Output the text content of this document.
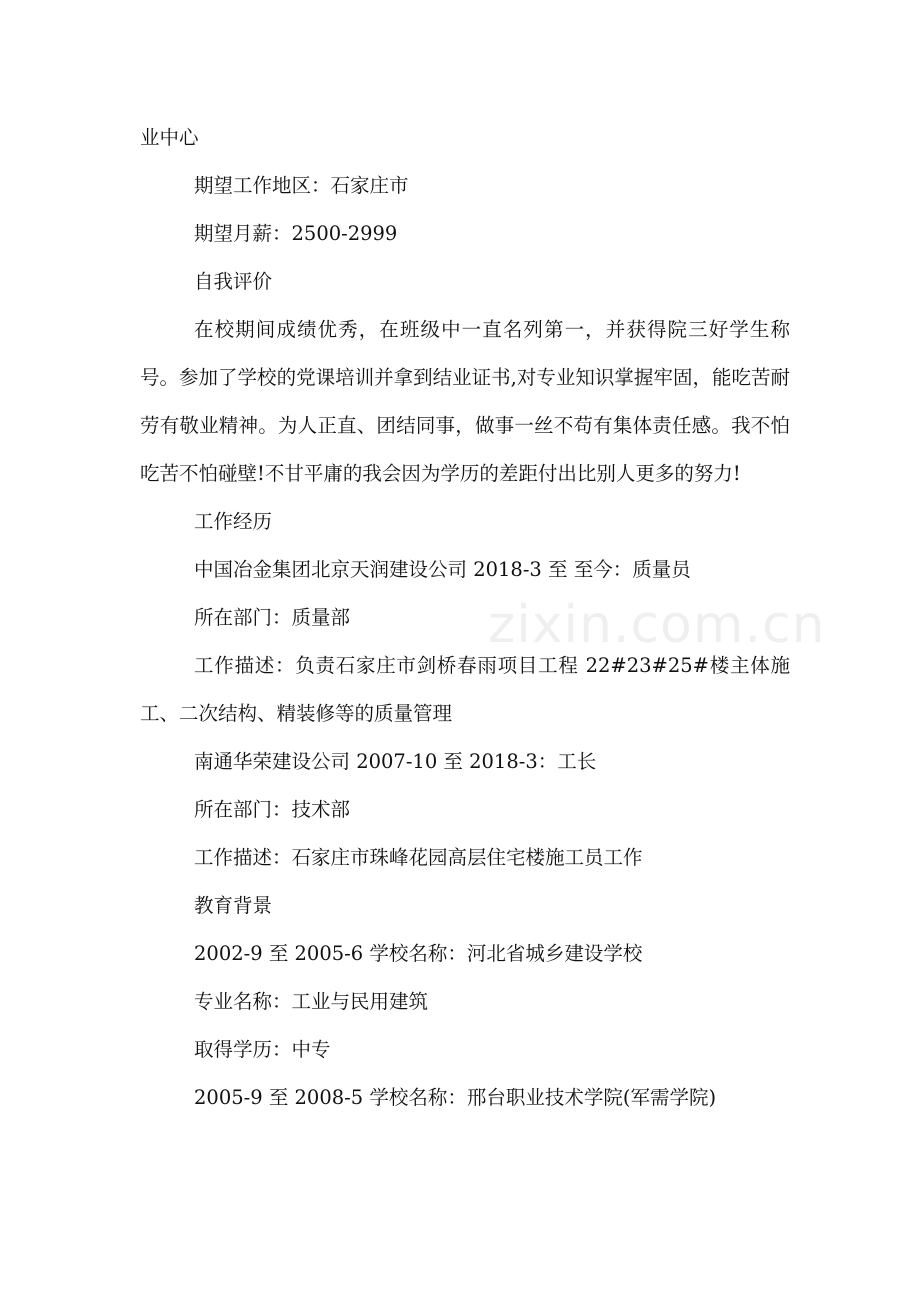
业中心

期望工作地区：石家庄市

期望月薪：2500-2999

自我评价

在校期间成绩优秀，在班级中一直名列第一，并获得院三好学生称号。参加了学校的党课培训并拿到结业证书,对专业知识掌握牢固，能吃苦耐劳有敬业精神。为人正直、团结同事，做事一丝不苟有集体责任感。我不怕吃苦不怕碰壁!不甘平庸的我会因为学历的差距付出比别人更多的努力!

工作经历

中国冶金集团北京天润建设公司 2018-3 至 至今：质量员

所在部门：质量部

工作描述：负责石家庄市剑桥春雨项目工程 22#23#25#楼主体施工、二次结构、精装修等的质量管理

南通华荣建设公司 2007-10 至 2018-3：工长

所在部门：技术部

工作描述：石家庄市珠峰花园高层住宅楼施工员工作

教育背景

2002-9 至 2005-6 学校名称：河北省城乡建设学校

专业名称：工业与民用建筑

取得学历：中专

2005-9 至 2008-5 学校名称：邢台职业技术学院(军需学院)

zixin.com.cn
